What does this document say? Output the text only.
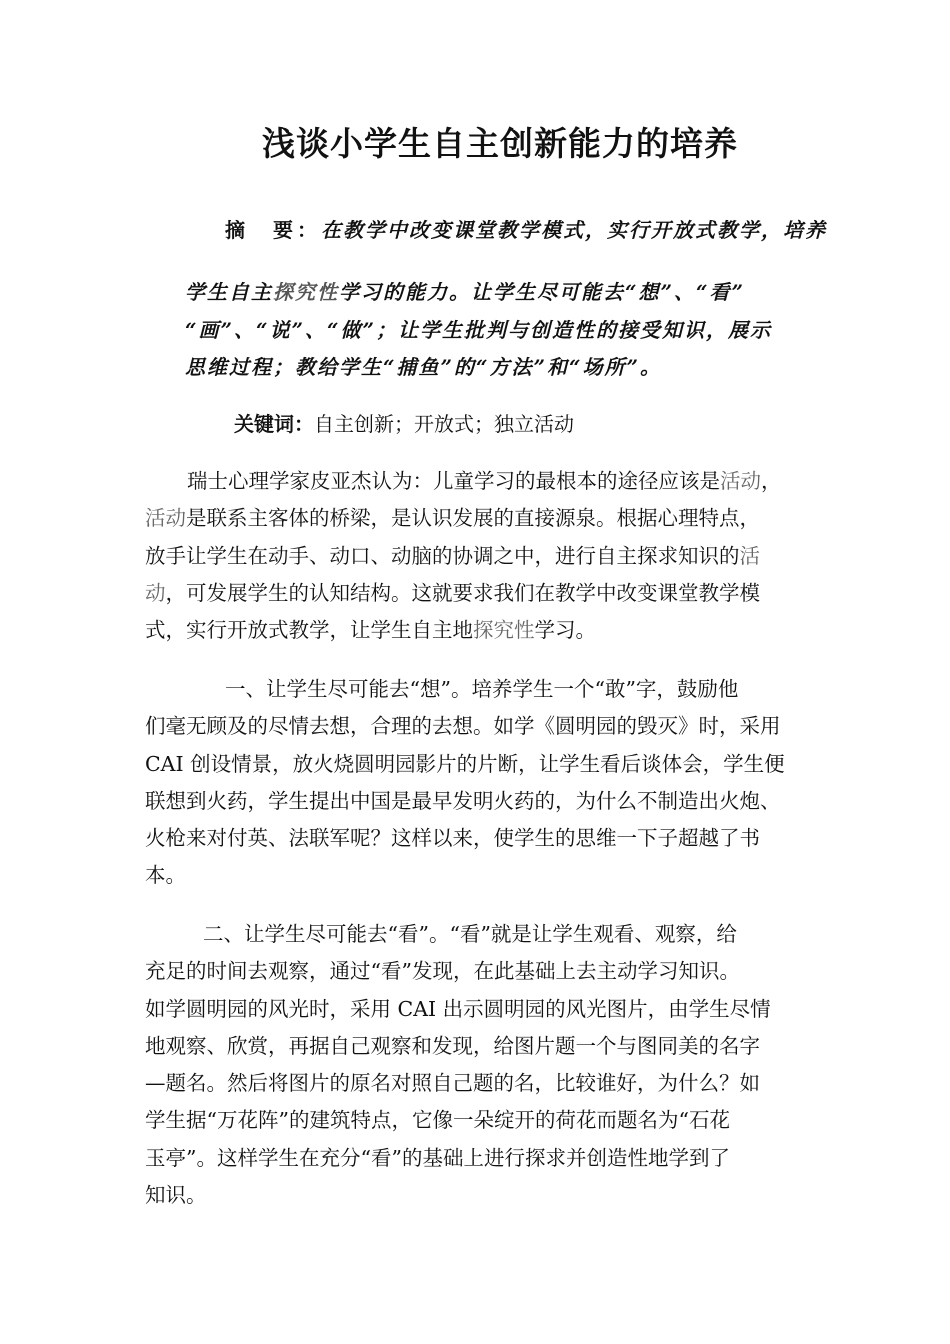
浅谈小学生自主创新能力的培养
摘　要：在教学中改变课堂教学模式，实行开放式教学，培养
学生自主探究性学习的能力。让学生尽可能去“想”、“看”
“画”、“说”、“做”；让学生批判与创造性的接受知识，展示
思维过程；教给学生“捕鱼”的“方法”和“场所”。
关键词：自主创新；开放式；独立活动
瑞士心理学家皮亚杰认为：儿童学习的最根本的途径应该是活动，
活动是联系主客体的桥梁，是认识发展的直接源泉。根据心理特点，
放手让学生在动手、动口、动脑的协调之中，进行自主探求知识的活
动，可发展学生的认知结构。这就要求我们在教学中改变课堂教学模
式，实行开放式教学，让学生自主地探究性学习。
一、让学生尽可能去“想”。培养学生一个“敢”字，鼓励他
们毫无顾及的尽情去想，合理的去想。如学《圆明园的毁灭》时，采用
CAI 创设情景，放火烧圆明园影片的片断，让学生看后谈体会，学生便
联想到火药，学生提出中国是最早发明火药的，为什么不制造出火炮、
火枪来对付英、法联军呢？这样以来，使学生的思维一下子超越了书
本。
二、让学生尽可能去“看”。“看”就是让学生观看、观察，给
充足的时间去观察，通过“看”发现，在此基础上去主动学习知识。
如学圆明园的风光时，采用 CAI 出示圆明园的风光图片，由学生尽情
地观察、欣赏，再据自己观察和发现，给图片题一个与图同美的名字
—题名。然后将图片的原名对照自己题的名，比较谁好，为什么？如
学生据“万花阵”的建筑特点，它像一朵绽开的荷花而题名为“石花
玉亭”。这样学生在充分“看”的基础上进行探求并创造性地学到了
知识。
